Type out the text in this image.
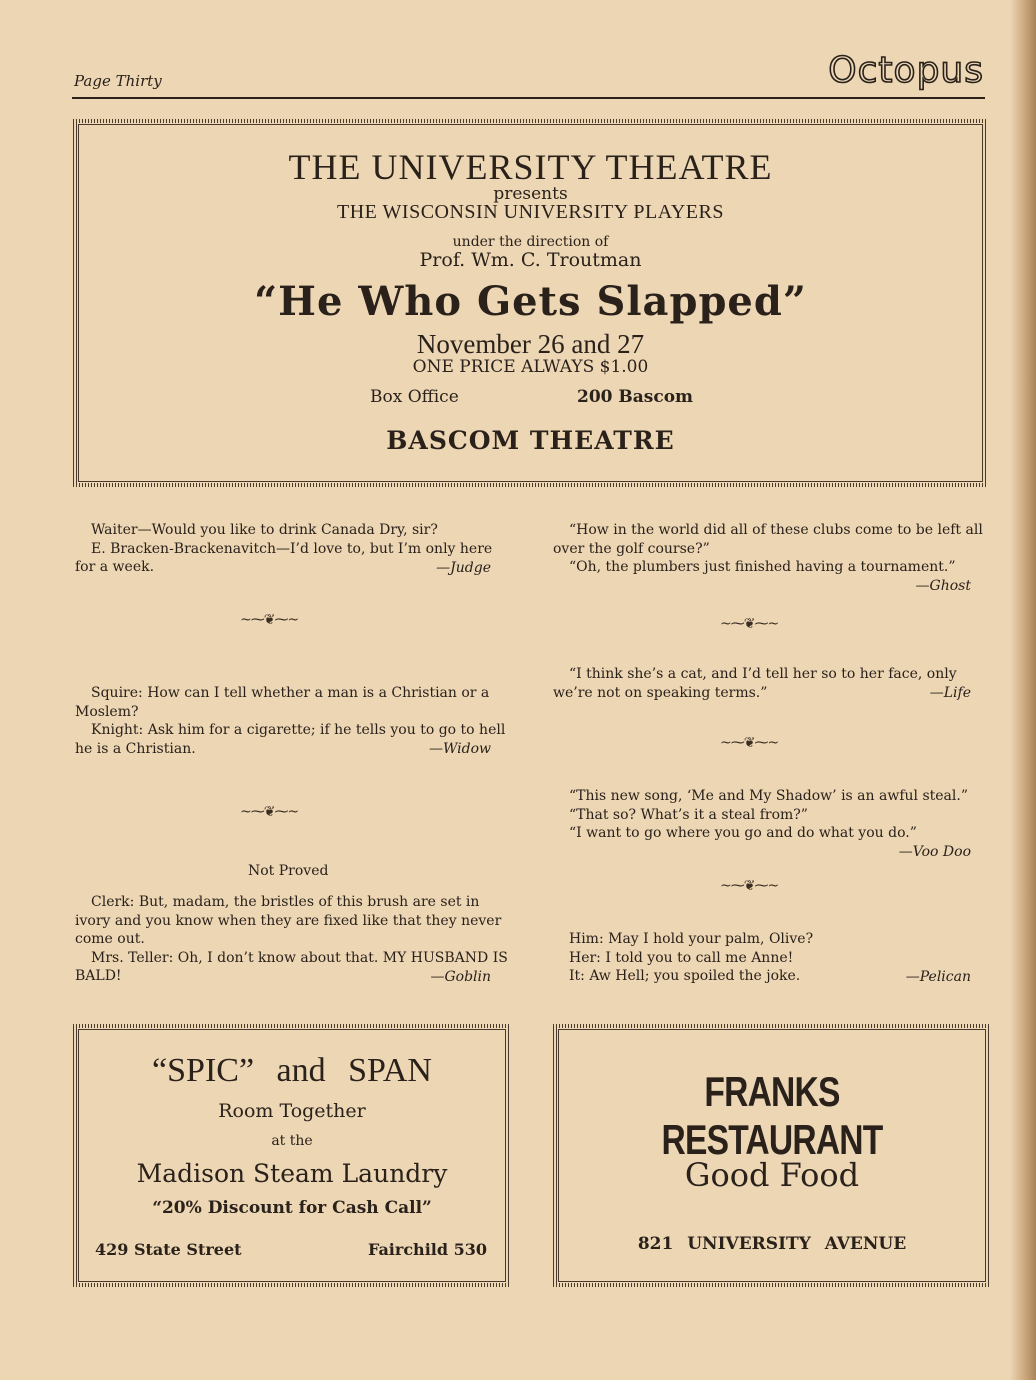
Page Thirty	Octopus
THE UNIVERSITY THEATRE
presents
THE WISCONSIN UNIVERSITY PLAYERS
under the direction of
Prof. Wm. C. Troutman
“He Who Gets Slapped”
November 26 and 27
ONE PRICE ALWAYS $1.00
Box Office	200 Bascom
BASCOM THEATRE

Waiter—Would you like to drink Canada Dry, sir?

E. Bracken-Brackenavitch—I’d love to, but I’m only here for a week.	—Judge
~⁓❦⁓~

Squire: How can I tell whether a man is a Christian or a Moslem?

Knight: Ask him for a cigarette; if he tells you to go to hell he is a Christian.	—Widow
~⁓❦⁓~
Not Proved

Clerk: But, madam, the bristles of this brush are set in ivory and you know when they are fixed like that they never come out.

Mrs. Teller: Oh, I don’t know about that. MY HUSBAND IS BALD!	—Goblin

“How in the world did all of these clubs come to be left all over the golf course?”

“Oh, the plumbers just finished having a tournament.”

—Ghost
~⁓❦⁓~

“I think she’s a cat, and I’d tell her so to her face, only we’re not on speaking terms.”	—Life
~⁓❦⁓~

“This new song, ‘Me and My Shadow’ is an awful steal.”

“That so? What’s it a steal from?”

“I want to go where you go and do what you do.”

—Voo Doo
~⁓❦⁓~

Him: May I hold your palm, Olive?

Her: I told you to call me Anne!

It: Aw Hell; you spoiled the joke.	—Pelican
“SPIC” and SPAN
Room Together
at the
Madison Steam Laundry
“20% Discount for Cash Call”
429 State Street	Fairchild 530
FRANKS RESTAURANT
Good Food
821 UNIVERSITY AVENUE
